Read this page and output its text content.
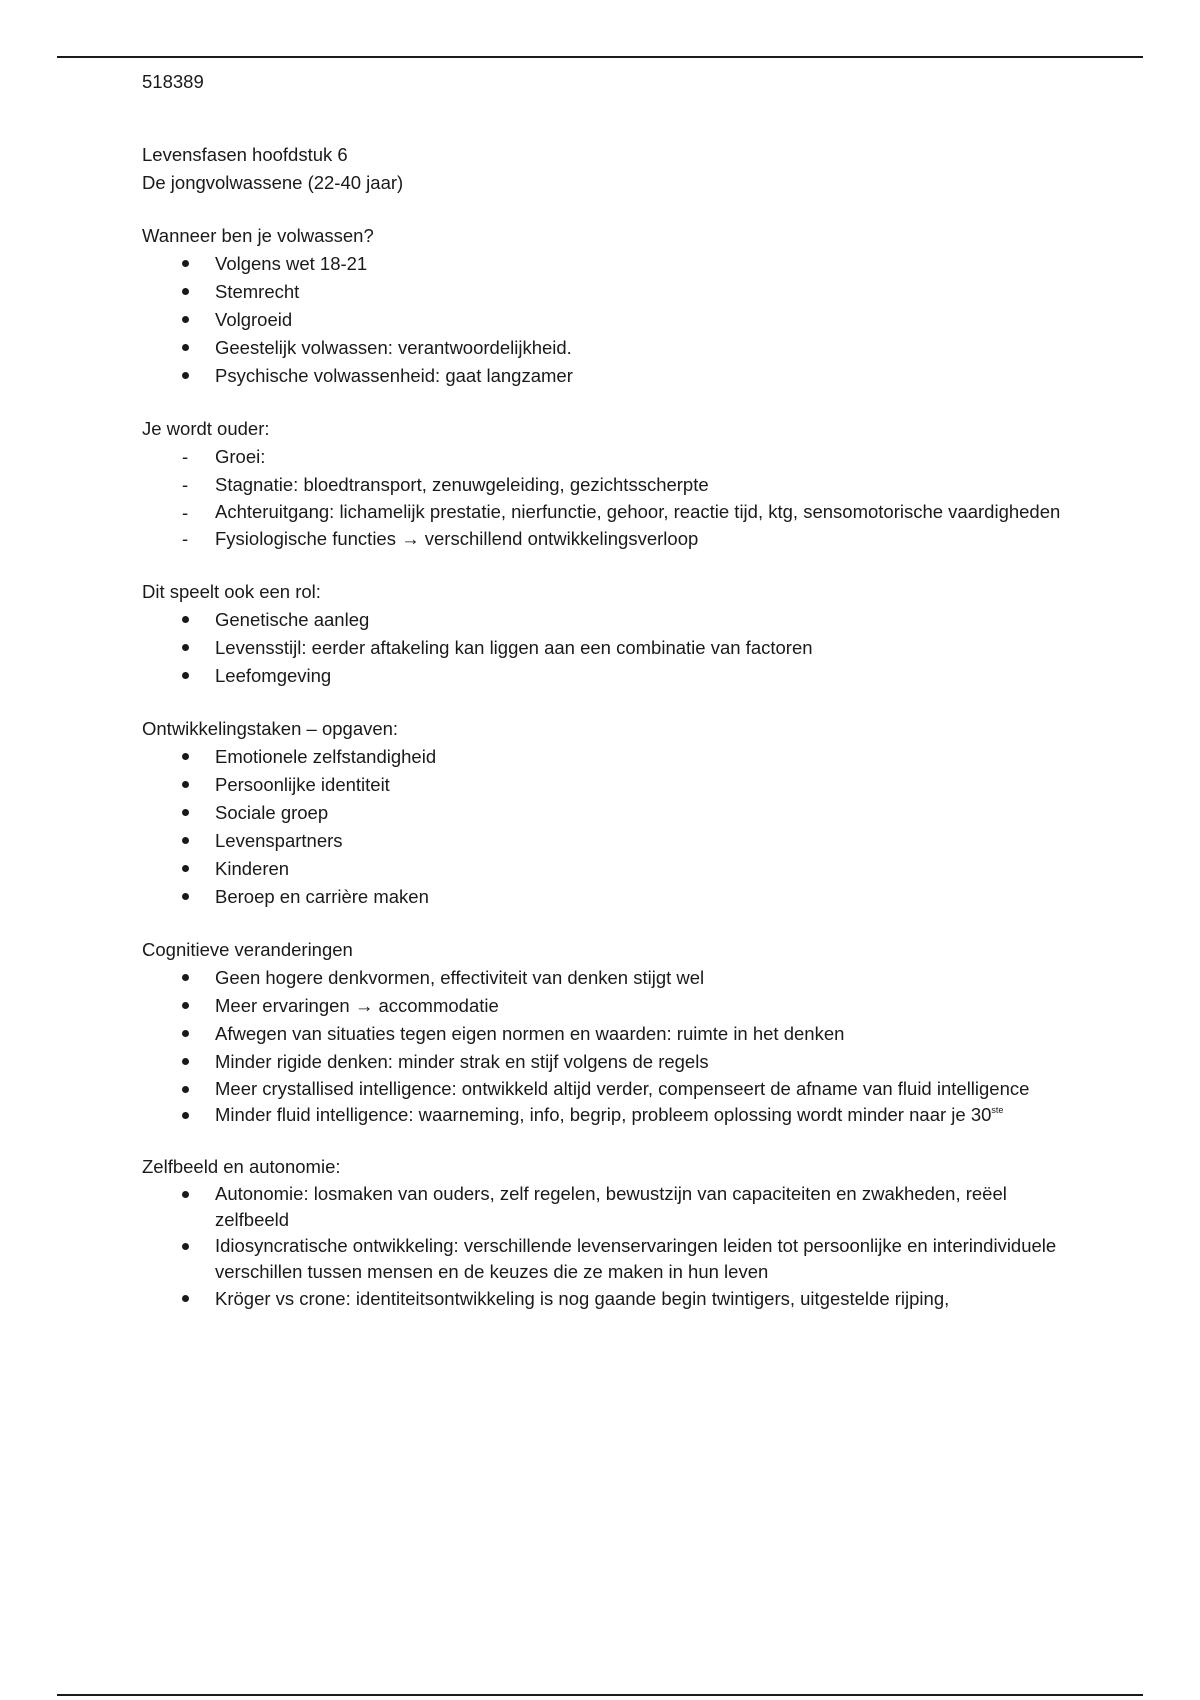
518389

Levensfasen hoofdstuk 6

De jongvolwassene (22-40 jaar)

Wanneer ben je volwassen?

Volgens wet 18-21
Stemrecht
Volgroeid
Geestelijk volwassen: verantwoordelijkheid.
Psychische volwassenheid: gaat langzamer

Je wordt ouder:

-
Groei:
-
Stagnatie: bloedtransport, zenuwgeleiding, gezichtsscherpte
-
Achteruitgang: lichamelijk prestatie, nierfunctie, gehoor, reactie tijd, ktg, sensomotorische vaardigheden
-
Fysiologische functies → verschillend ontwikkelingsverloop

Dit speelt ook een rol:

Genetische aanleg
Levensstijl: eerder aftakeling kan liggen aan een combinatie van factoren
Leefomgeving

Ontwikkelingstaken – opgaven:

Emotionele zelfstandigheid
Persoonlijke identiteit
Sociale groep
Levenspartners
Kinderen
Beroep en carrière maken

Cognitieve veranderingen

Geen hogere denkvormen, effectiviteit van denken stijgt wel
Meer ervaringen → accommodatie
Afwegen van situaties tegen eigen normen en waarden: ruimte in het denken
Minder rigide denken: minder strak en stijf volgens de regels
Meer crystallised intelligence: ontwikkeld altijd verder, compenseert de afname van fluid intelligence
Minder fluid intelligence: waarneming, info, begrip, probleem oplossing wordt minder naar je 30ste

Zelfbeeld en autonomie:

Autonomie: losmaken van ouders, zelf regelen, bewustzijn van capaciteiten en zwakheden, reëel zelfbeeld
Idiosyncratische ontwikkeling: verschillende levenservaringen leiden tot persoonlijke en interindividuele verschillen tussen mensen en de keuzes die ze maken in hun leven
Kröger vs crone: identiteitsontwikkeling is nog gaande begin twintigers, uitgestelde rijping,
